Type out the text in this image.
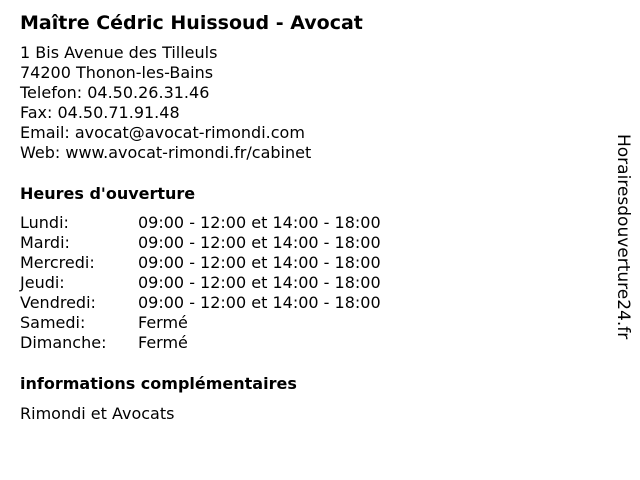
Maître Cédric Huissoud - Avocat
1 Bis Avenue des Tilleuls
74200 Thonon-les-Bains
Telefon: 04.50.26.31.46
Fax: 04.50.71.91.48
Email: avocat@avocat-rimondi.com
Web: www.avocat-rimondi.fr/cabinet
Heures d'ouverture
Lundi:	09:00 - 12:00 et 14:00 - 18:00
Mardi:	09:00 - 12:00 et 14:00 - 18:00
Mercredi:	09:00 - 12:00 et 14:00 - 18:00
Jeudi:	09:00 - 12:00 et 14:00 - 18:00
Vendredi:	09:00 - 12:00 et 14:00 - 18:00
Samedi:	Fermé
Dimanche:	Fermé
informations complémentaires

Rimondi et Avocats

Horairesdouverture24.fr
